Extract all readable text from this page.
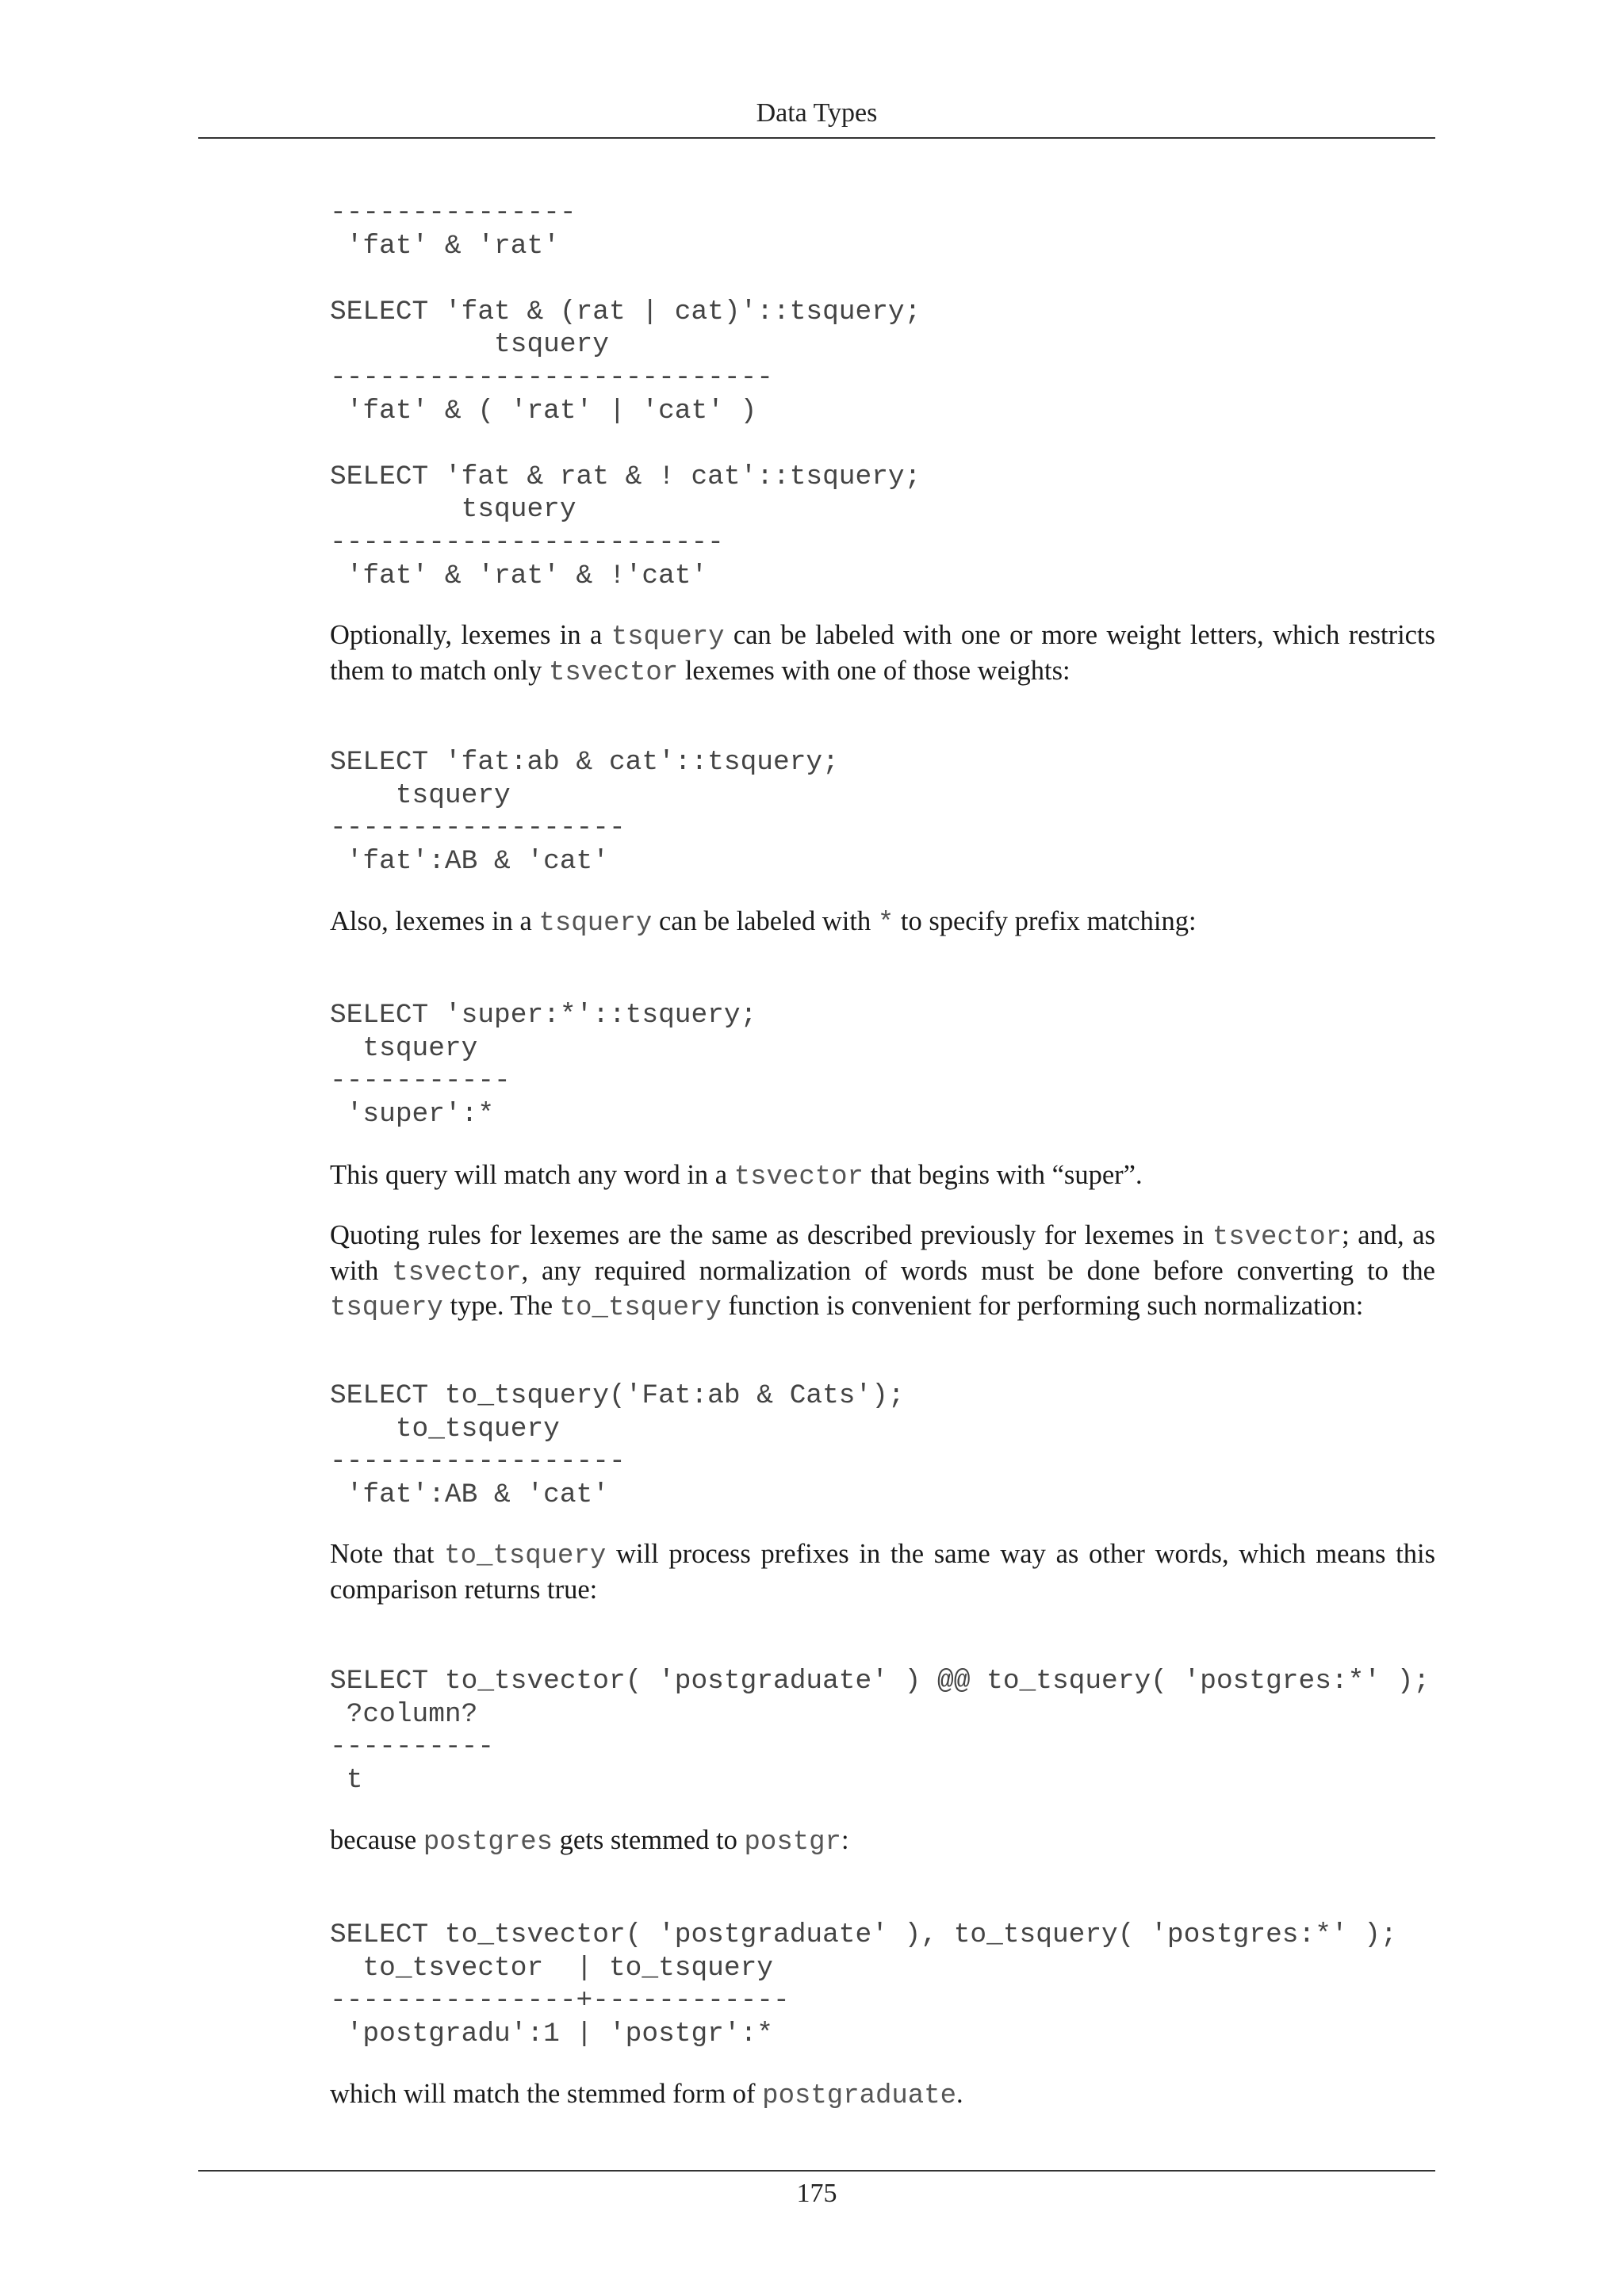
Data Types
---------------
'fat' & 'rat'

SELECT 'fat & (rat | cat)'::tsquery;
tsquery
---------------------------
'fat' & ( 'rat' | 'cat' )

SELECT 'fat & rat & ! cat'::tsquery;
tsquery
------------------------
'fat' & 'rat' & !'cat'

Optionally, lexemes in a tsquery can be labeled with one or more weight letters, which restricts them to match only tsvector lexemes with one of those weights:

SELECT 'fat:ab & cat'::tsquery;
tsquery
------------------
'fat':AB & 'cat'

Also, lexemes in a tsquery can be labeled with * to specify prefix matching:

SELECT 'super:*'::tsquery;
tsquery
-----------
'super':*

This query will match any word in a tsvector that begins with “super”.

Quoting rules for lexemes are the same as described previously for lexemes in tsvector; and, as with tsvector, any required normalization of words must be done before converting to the tsquery type. The to_tsquery function is convenient for performing such normalization:

SELECT to_tsquery('Fat:ab & Cats');
to_tsquery
------------------
'fat':AB & 'cat'

Note that to_tsquery will process prefixes in the same way as other words, which means this comparison returns true:

SELECT to_tsvector( 'postgraduate' ) @@ to_tsquery( 'postgres:*' );
?column?
----------
t

because postgres gets stemmed to postgr:

SELECT to_tsvector( 'postgraduate' ), to_tsquery( 'postgres:*' );
to_tsvector  | to_tsquery
---------------+------------
'postgradu':1 | 'postgr':*

which will match the stemmed form of postgraduate.

175
